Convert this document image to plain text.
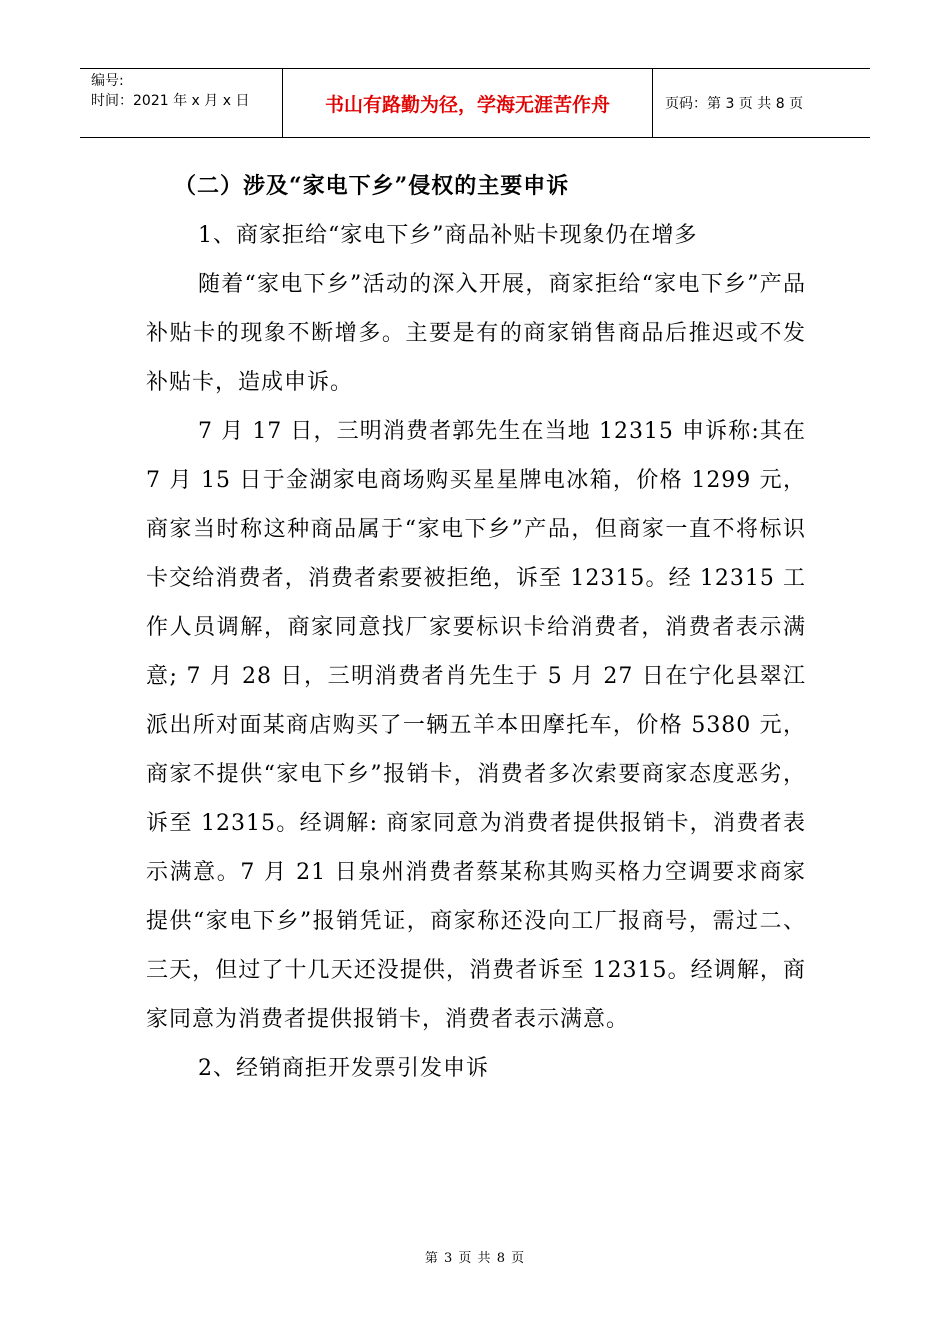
编号:
时间：2021 年 x 月 x 日	书山有路勤为径，学海无涯苦作舟	页码：第 3 页 共 8 页
（二）涉及“家电下乡”侵权的主要申诉
1、商家拒给“家电下乡”商品补贴卡现象仍在增多

随着“家电下乡”活动的深入开展，商家拒给“家电下乡”产品补贴卡的现象不断增多。主要是有的商家销售商品后推迟或不发补贴卡，造成申诉。

7 月 17 日，三明消费者郭先生在当地 12315 申诉称:其在 7 月 15 日于金湖家电商场购买星星牌电冰箱，价格 1299 元，商家当时称这种商品属于“家电下乡”产品，但商家一直不将标识卡交给消费者，消费者索要被拒绝，诉至 12315。经 12315 工作人员调解，商家同意找厂家要标识卡给消费者，消费者表示满意; 7 月 28 日，三明消费者肖先生于 5 月 27 日在宁化县翠江派出所对面某商店购买了一辆五羊本田摩托车，价格 5380 元，商家不提供“家电下乡”报销卡，消费者多次索要商家态度恶劣，诉至 12315。经调解: 商家同意为消费者提供报销卡，消费者表示满意。7 月 21 日泉州消费者蔡某称其购买格力空调要求商家提供“家电下乡”报销凭证，商家称还没向工厂报商号，需过二、三天，但过了十几天还没提供，消费者诉至 12315。经调解，商家同意为消费者提供报销卡，消费者表示满意。

2、经销商拒开发票引发申诉
第 3 页 共 8 页
